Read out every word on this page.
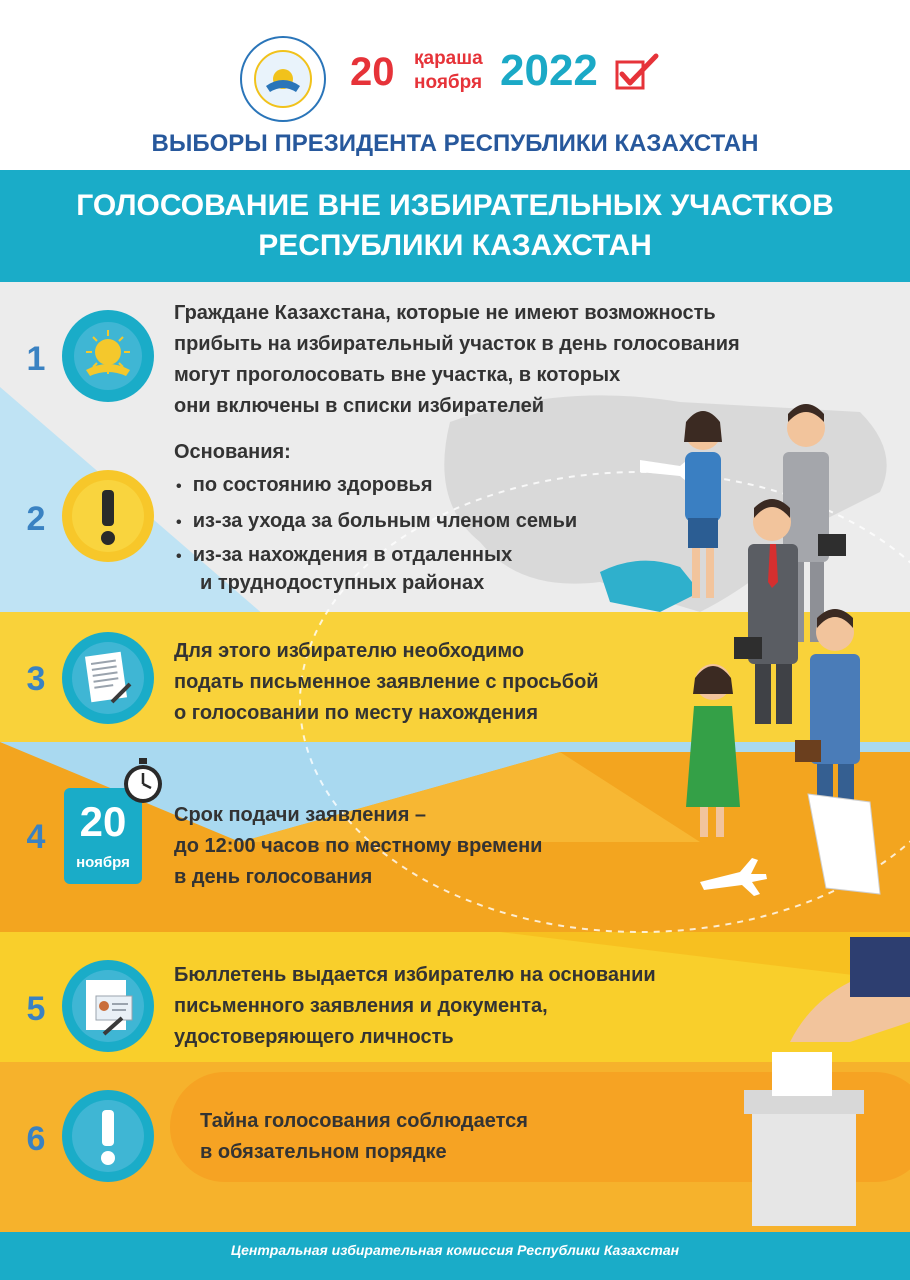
20 қараша
ноября 2022
ВЫБОРЫ ПРЕЗИДЕНТА РЕСПУБЛИКИ КАЗАХСТАН
ГОЛОСОВАНИЕ ВНЕ ИЗБИРАТЕЛЬНЫХ УЧАСТКОВ
РЕСПУБЛИКИ КАЗАХСТАН
1
Граждане Казахстана, которые не имеют возможность
прибыть на избирательный участок в день голосования
могут проголосовать вне участка, в которых
они включены в списки избирателей
2
Основания:
• по состоянию здоровья
• из-за ухода за больным членом семьи
• из-за нахождения в отдаленных
и труднодоступных районах
3
Для этого избирателю необходимо
подать письменное заявление с просьбой
о голосовании по месту нахождения
4 20
ноября
Срок подачи заявления –
до 12:00 часов по местному времени
в день голосования
5
Бюллетень выдается избирателю на основании
письменного заявления и документа,
удостоверяющего личность
6	Тайна голосования соблюдается
в обязательном порядке
Центральная избирательная комиссия Республики Казахстан
